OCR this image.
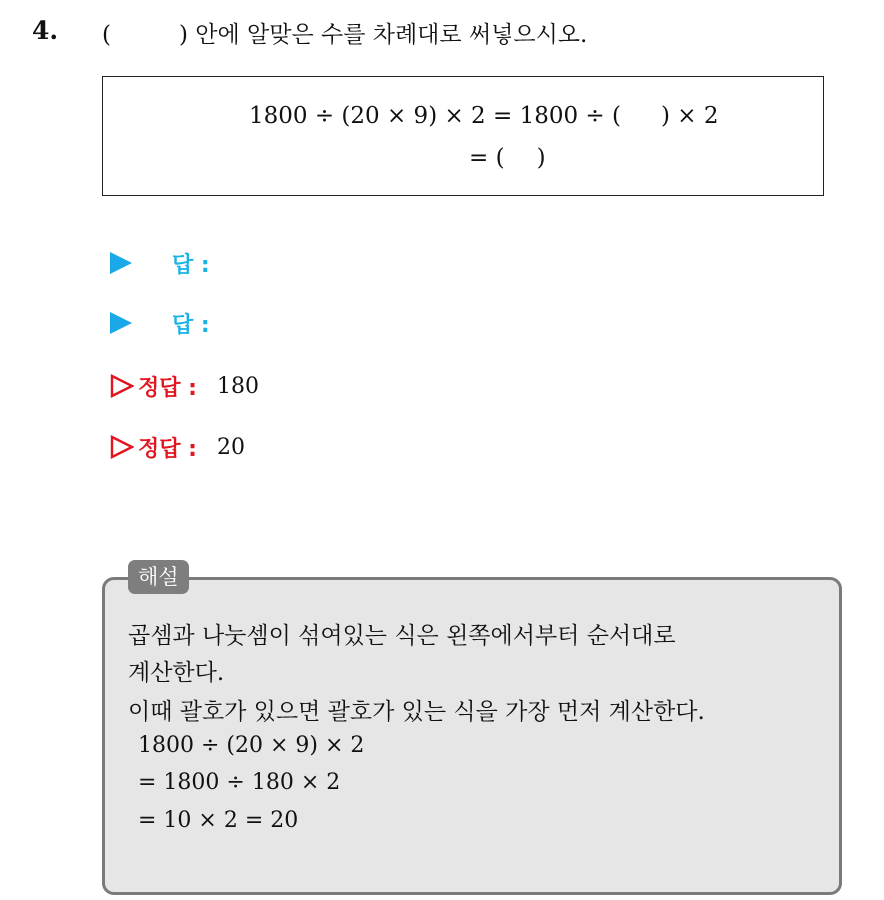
4. (	) 안에 알맞은 수를 차례대로 써넣으시오.
1800 ÷ (20 × 9) × 2 = 1800 ÷ ( ) × 2
= ( )
답 :
답 :
정답 : 180
정답 : 20
해설
곱셈과 나눗셈이 섞여있는 식은 왼쪽에서부터 순서대로
계산한다.
이때 괄호가 있으면 괄호가 있는 식을 가장 먼저 계산한다.
1800 ÷ (20 × 9) × 2
= 1800 ÷ 180 × 2
= 10 × 2 = 20
